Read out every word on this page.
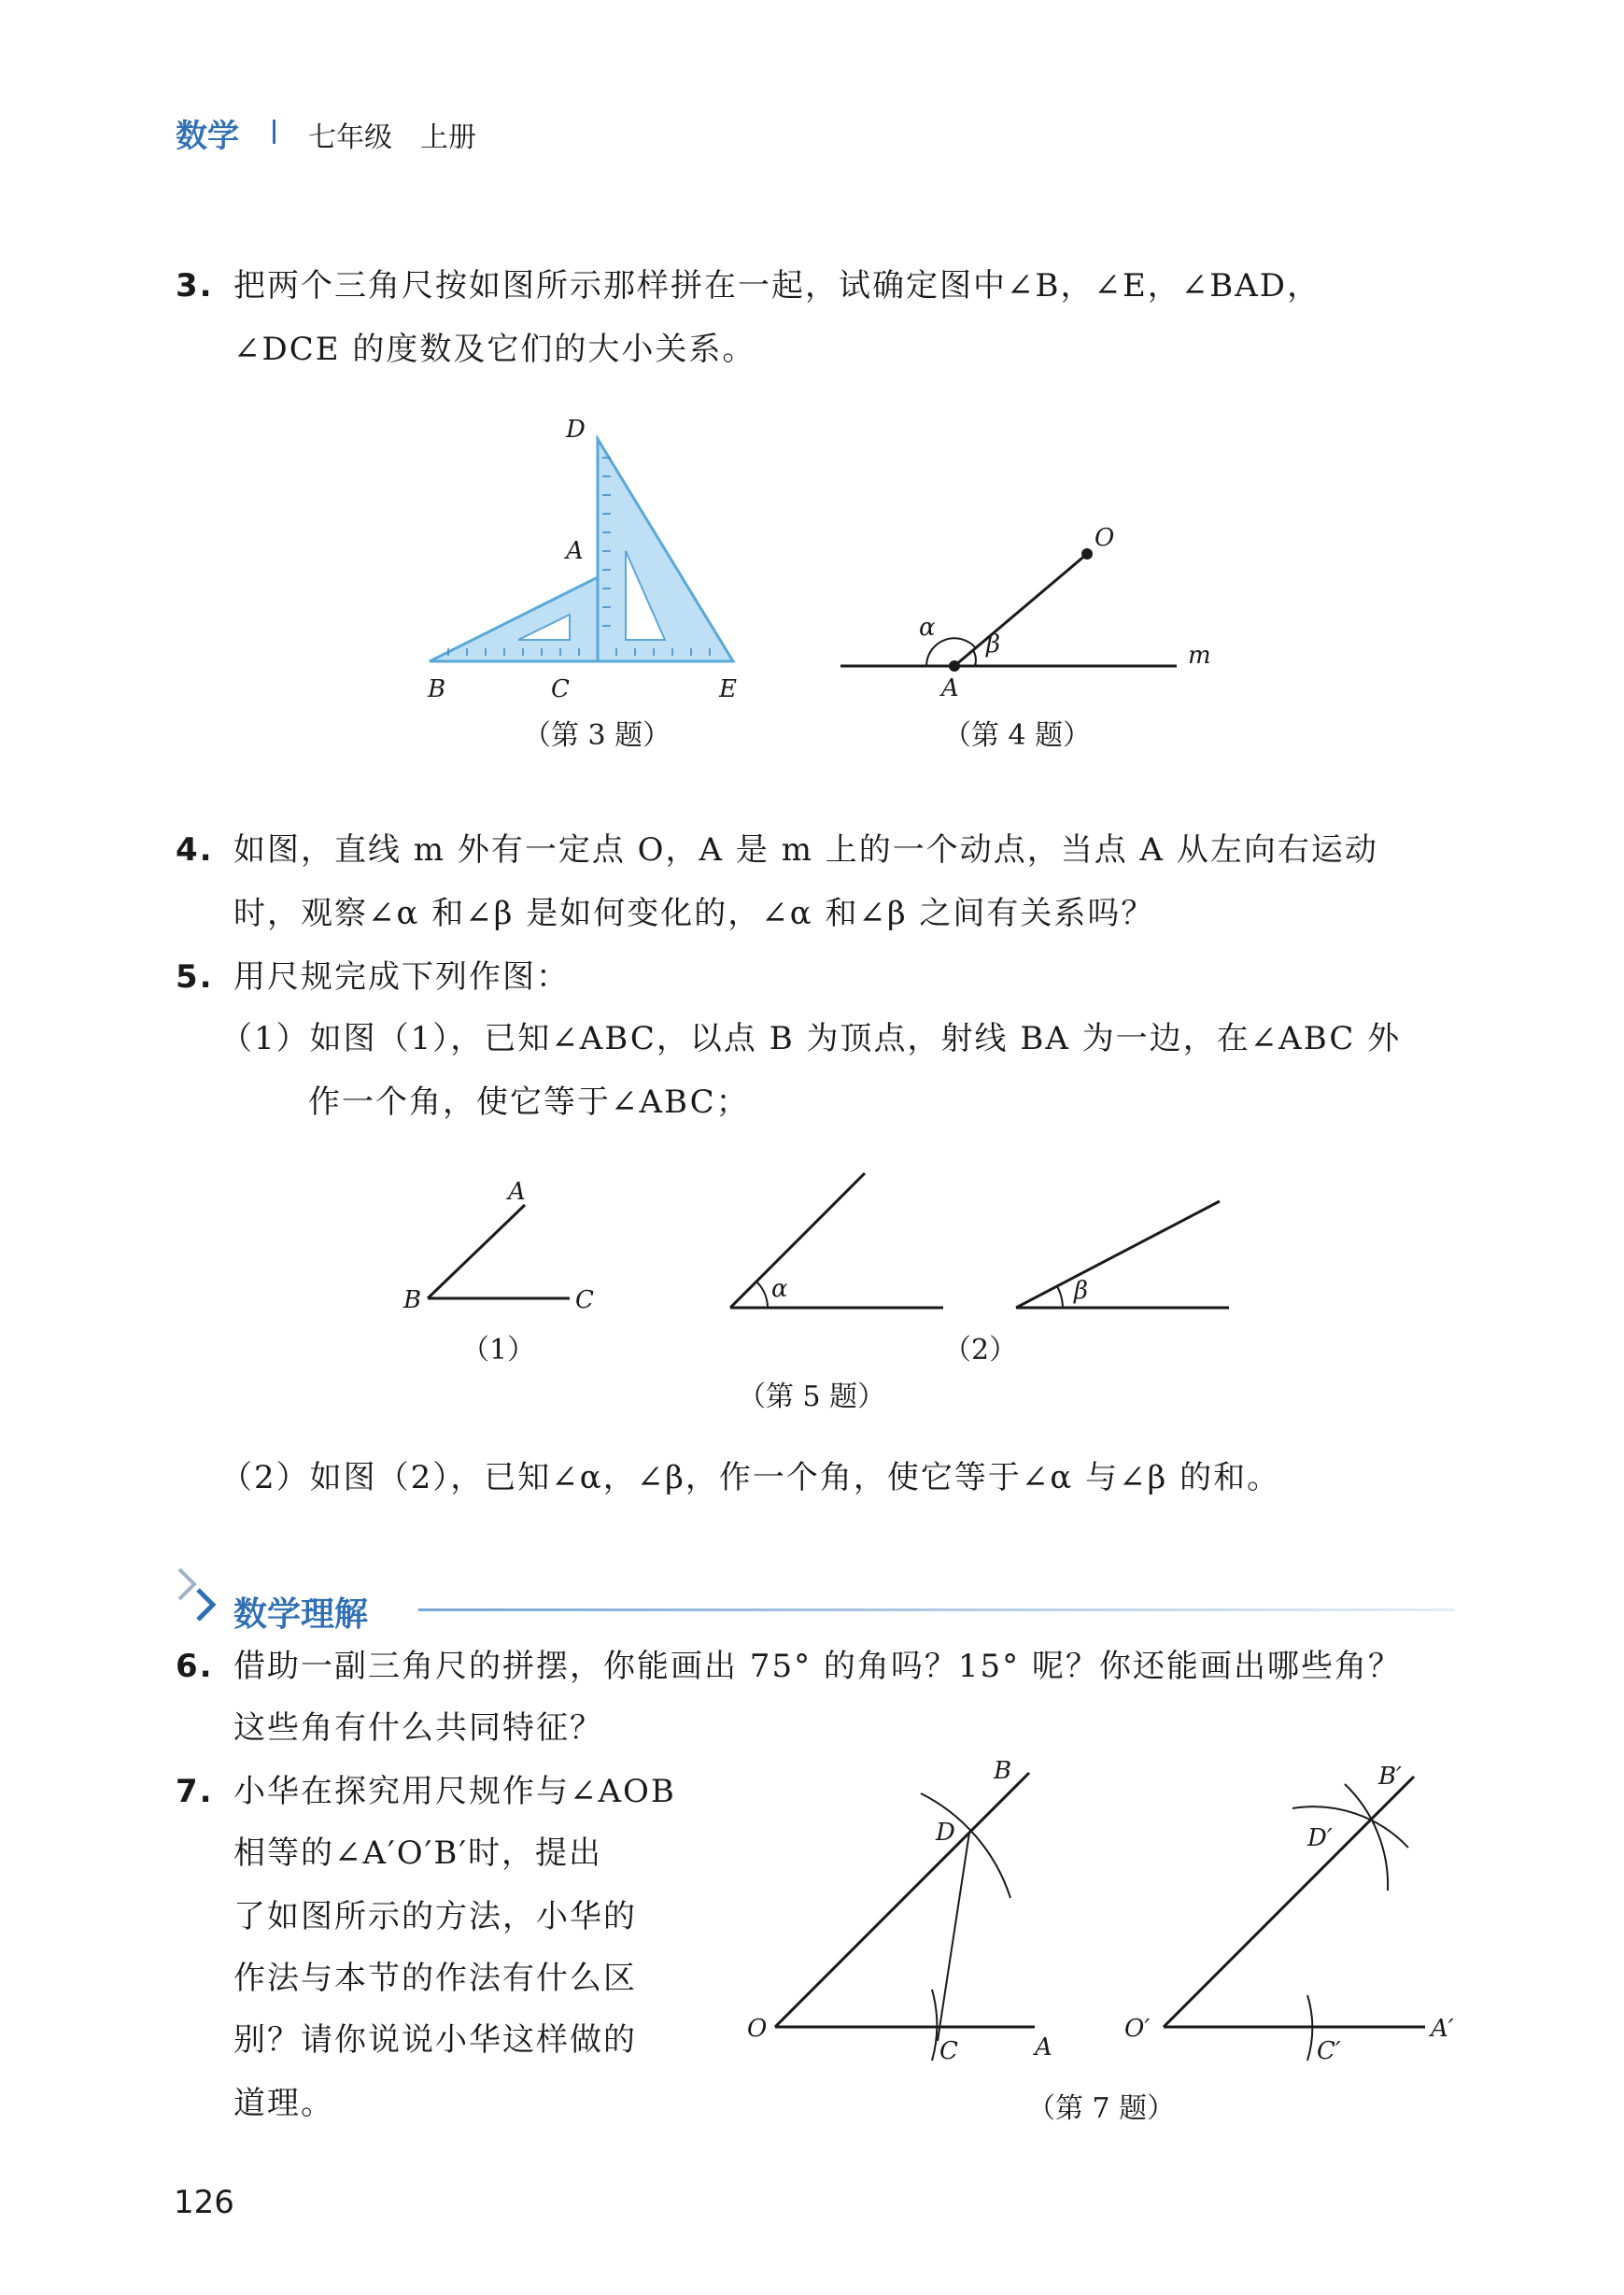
数学 七年级　上册
3. 把两个三角尺按如图所示那样拼在一起，试确定图中∠B，∠E，∠BAD，
∠DCE 的度数及它们的大小关系。
D
A
B	C	E
（第 3 题）
O
A
m
α
β
（第 4 题）
4. 如图，直线 m 外有一定点 O，A 是 m 上的一个动点，当点 A 从左向右运动
时，观察∠α 和∠β 是如何变化的，∠α 和∠β 之间有关系吗？
5. 用尺规完成下列作图：
（1）如图（1），已知∠ABC，以点 B 为顶点，射线 BA 为一边，在∠ABC 外
作一个角，使它等于∠ABC；
A
B	C
（1）
α	β
（2）
（第 5 题）
（2）如图（2），已知∠α，∠β，作一个角，使它等于∠α 与∠β 的和。
数学理解
6. 借助一副三角尺的拼摆，你能画出 75° 的角吗？15° 呢？你还能画出哪些角？
这些角有什么共同特征？
7. 小华在探究用尺规作与∠AOB
相等的∠A′O′B′时，提出
了如图所示的方法，小华的
作法与本节的作法有什么区
别？请你说说小华这样做的
道理。
B
D
O
C	A
B′
D′
O′
C′
A′
（第 7 题）
126
